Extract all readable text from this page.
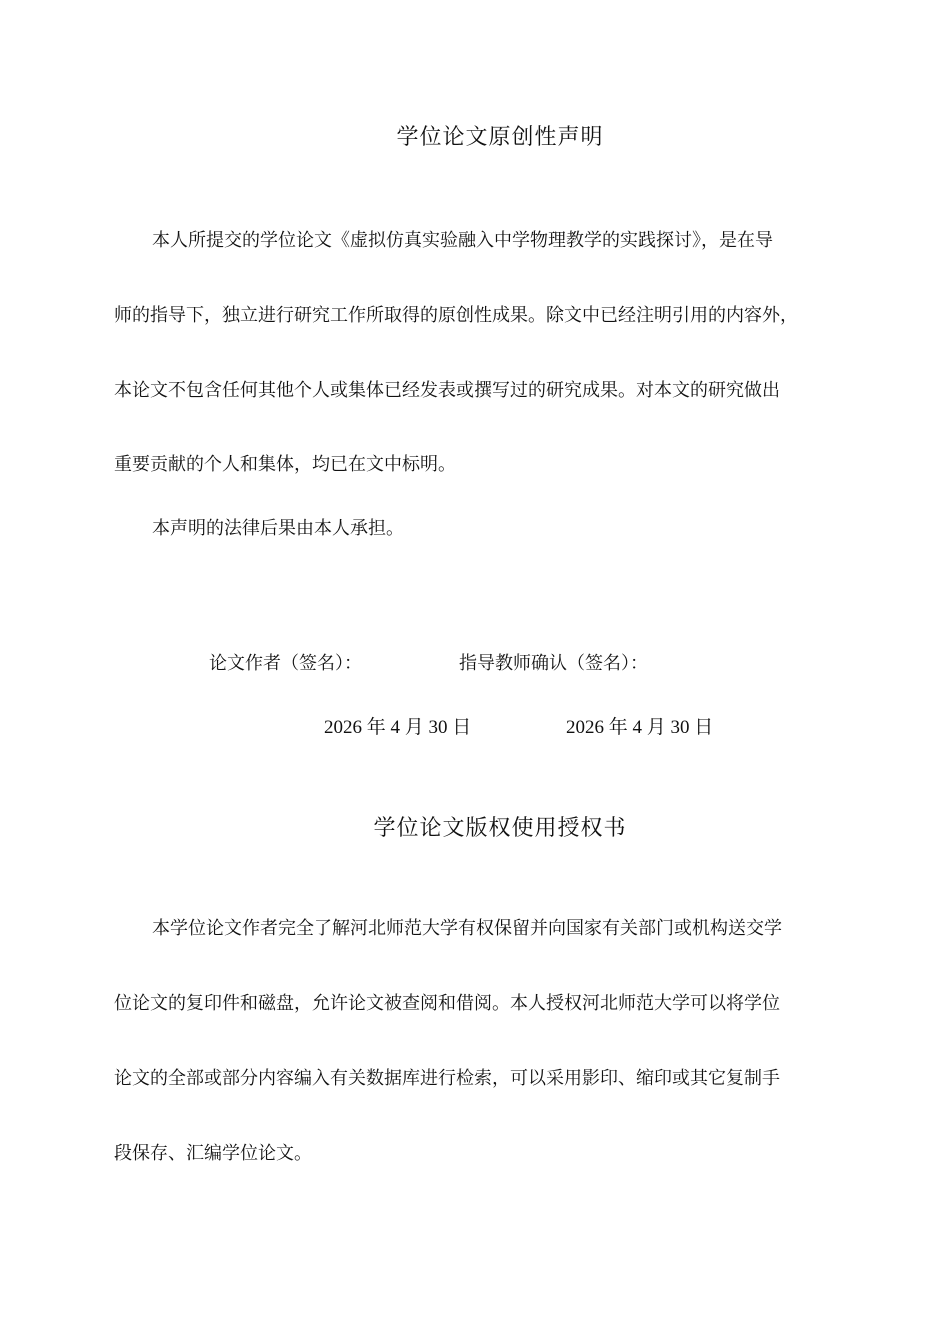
学位论文原创性声明
本人所提交的学位论文《虚拟仿真实验融入中学物理教学的实践探讨》，是在导
师的指导下，独立进行研究工作所取得的原创性成果。除文中已经注明引用的内容外，
本论文不包含任何其他个人或集体已经发表或撰写过的研究成果。对本文的研究做出
重要贡献的个人和集体，均已在文中标明。
本声明的法律后果由本人承担。
论文作者（签名）：	指导教师确认（签名）：
2026 年 4 月 30 日	2026 年 4 月 30 日
学位论文版权使用授权书
本学位论文作者完全了解河北师范大学有权保留并向国家有关部门或机构送交学
位论文的复印件和磁盘，允许论文被查阅和借阅。本人授权河北师范大学可以将学位
论文的全部或部分内容编入有关数据库进行检索，可以采用影印、缩印或其它复制手
段保存、汇编学位论文。
